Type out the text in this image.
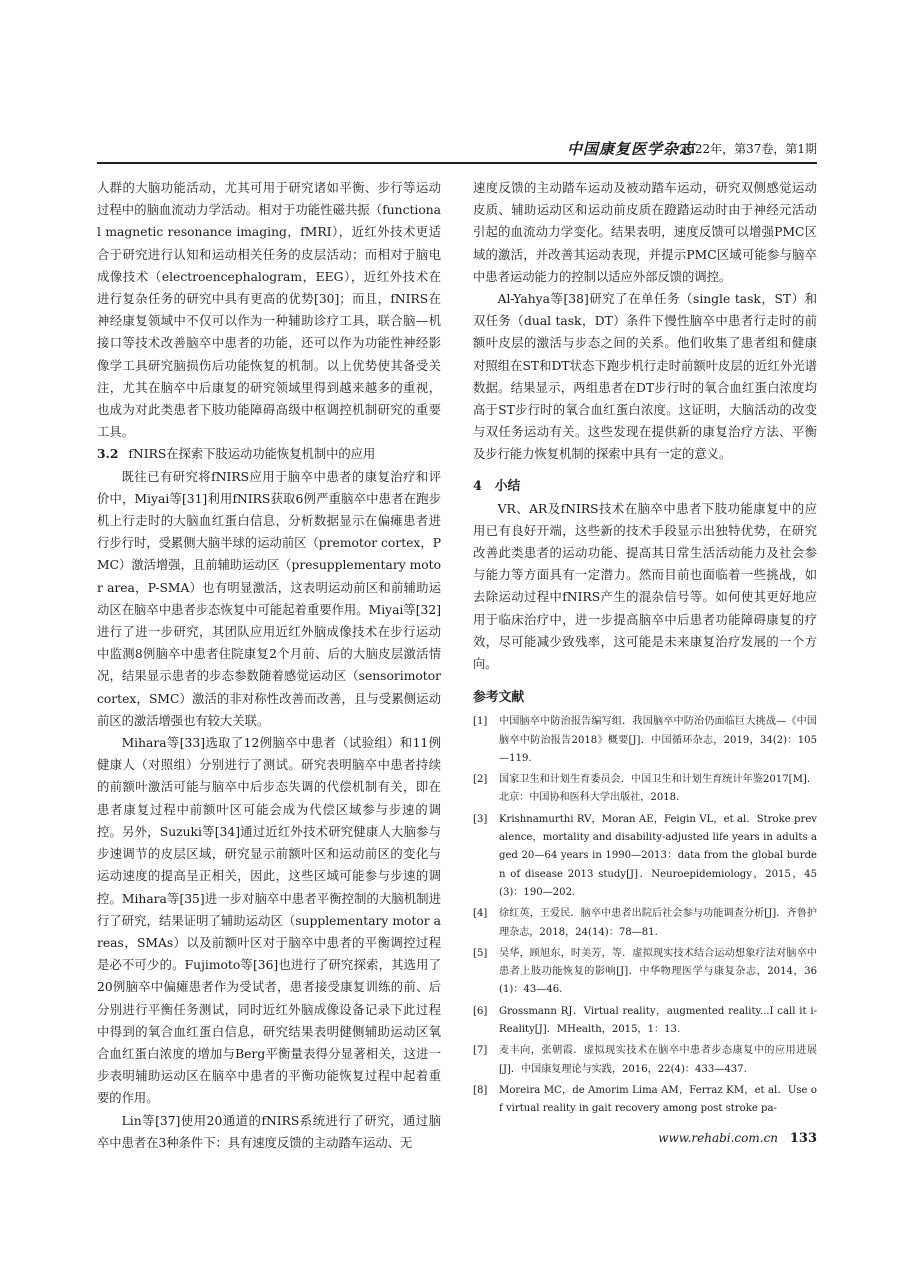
中国康复医学杂志
2022年，第37卷，第1期

人群的大脑功能活动，尤其可用于研究诸如平衡、步行等运动过程中的脑血流动力学活动。相对于功能性磁共振（functional magnetic resonance imaging，fMRI），近红外技术更适合于研究进行认知和运动相关任务的皮层活动；而相对于脑电成像技术（electroencephalogram，EEG），近红外技术在进行复杂任务的研究中具有更高的优势[30]；而且，fNIRS在神经康复领域中不仅可以作为一种辅助诊疗工具，联合脑—机接口等技术改善脑卒中患者的功能，还可以作为功能性神经影像学工具研究脑损伤后功能恢复的机制。以上优势使其备受关注，尤其在脑卒中后康复的研究领域里得到越来越多的重视，也成为对此类患者下肢功能障碍高级中枢调控机制研究的重要工具。

3.2 fNIRS在探索下肢运动功能恢复机制中的应用

既往已有研究将fNIRS应用于脑卒中患者的康复治疗和评价中，Miyai等[31]利用fNIRS获取6例严重脑卒中患者在跑步机上行走时的大脑血红蛋白信息，分析数据显示在偏瘫患者进行步行时，受累侧大脑半球的运动前区（premotor cortex，PMC）激活增强，且前辅助运动区（presupplementary motor area，P-SMA）也有明显激活，这表明运动前区和前辅助运动区在脑卒中患者步态恢复中可能起着重要作用。Miyai等[32]进行了进一步研究，其团队应用近红外脑成像技术在步行运动中监测8例脑卒中患者住院康复2个月前、后的大脑皮层激活情况，结果显示患者的步态参数随着感觉运动区（sensorimotor cortex，SMC）激活的非对称性改善而改善，且与受累侧运动前区的激活增强也有较大关联。

Mihara等[33]选取了12例脑卒中患者（试验组）和11例健康人（对照组）分别进行了测试。研究表明脑卒中患者持续的前额叶激活可能与脑卒中后步态失调的代偿机制有关，即在患者康复过程中前额叶区可能会成为代偿区域参与步速的调控。另外，Suzuki等[34]通过近红外技术研究健康人大脑参与步速调节的皮层区域，研究显示前额叶区和运动前区的变化与运动速度的提高呈正相关，因此，这些区域可能参与步速的调控。Mihara等[35]进一步对脑卒中患者平衡控制的大脑机制进行了研究，结果证明了辅助运动区（supplementary motor areas，SMAs）以及前额叶区对于脑卒中患者的平衡调控过程是必不可少的。Fujimoto等[36]也进行了研究探索，其选用了20例脑卒中偏瘫患者作为受试者，患者接受康复训练的前、后分别进行平衡任务测试，同时近红外脑成像设备记录下此过程中得到的氧合血红蛋白信息，研究结果表明健侧辅助运动区氧合血红蛋白浓度的增加与Berg平衡量表得分显著相关，这进一步表明辅助运动区在脑卒中患者的平衡功能恢复过程中起着重要的作用。

Lin等[37]使用20通道的fNIRS系统进行了研究，通过脑卒中患者在3种条件下：具有速度反馈的主动踏车运动、无

速度反馈的主动踏车运动及被动踏车运动，研究双侧感觉运动皮质、辅助运动区和运动前皮质在蹬踏运动时由于神经元活动引起的血流动力学变化。结果表明，速度反馈可以增强PMC区域的激活，并改善其运动表现，并提示PMC区域可能参与脑卒中患者运动能力的控制以适应外部反馈的调控。

Al-Yahya等[38]研究了在单任务（single task，ST）和双任务（dual task，DT）条件下慢性脑卒中患者行走时的前额叶皮层的激活与步态之间的关系。他们收集了患者组和健康对照组在ST和DT状态下跑步机行走时前额叶皮层的近红外光谱数据。结果显示，两组患者在DT步行时的氧合血红蛋白浓度均高于ST步行时的氧合血红蛋白浓度。这证明，大脑活动的改变与双任务运动有关。这些发现在提供新的康复治疗方法、平衡及步行能力恢复机制的探索中具有一定的意义。

4　小结

VR、AR及fNIRS技术在脑卒中患者下肢功能康复中的应用已有良好开端，这些新的技术手段显示出独特优势，在研究改善此类患者的运动功能、提高其日常生活活动能力及社会参与能力等方面具有一定潜力。然而目前也面临着一些挑战，如去除运动过程中fNIRS产生的混杂信号等。如何使其更好地应用于临床治疗中，进一步提高脑卒中后患者功能障碍康复的疗效，尽可能减少致残率，这可能是未来康复治疗发展的一个方向。

参考文献
[1] 中国脑卒中防治报告编写组．我国脑卒中防治仍面临巨大挑战—《中国脑卒中防治报告2018》概要[J]．中国循环杂志，2019，34(2)：105—119.
[2] 国家卫生和计划生育委员会．中国卫生和计划生育统计年鉴2017[M]．北京：中国协和医科大学出版社，2018.
[3] Krishnamurthi RV，Moran AE，Feigin VL，et al．Stroke prevalence，mortality and disability-adjusted life years in adults aged 20—64 years in 1990—2013：data from the global burden of disease 2013 study[J]．Neuroepidemiology，2015，45(3)：190—202.
[4] 徐红英，王爱民．脑卒中患者出院后社会参与功能调查分析[J]．齐鲁护理杂志，2018，24(14)：78—81.
[5] 吴华，顾旭东，时美芳，等．虚拟现实技术结合运动想象疗法对脑卒中患者上肢功能恢复的影响[J]．中华物理医学与康复杂志，2014，36(1)：43—46.
[6] Grossmann RJ．Virtual reality，augmented reality...I call it i-Reality[J]．MHealth，2015，1：13.
[7] 麦丰向，张朝霞．虚拟现实技术在脑卒中患者步态康复中的应用进展[J]．中国康复理论与实践，2016，22(4)：433—437.
[8] Moreira MC，de Amorim Lima AM，Ferraz KM，et al．Use of virtual reality in gait recovery among post stroke pa-
www.rehabi.com.cn 133
